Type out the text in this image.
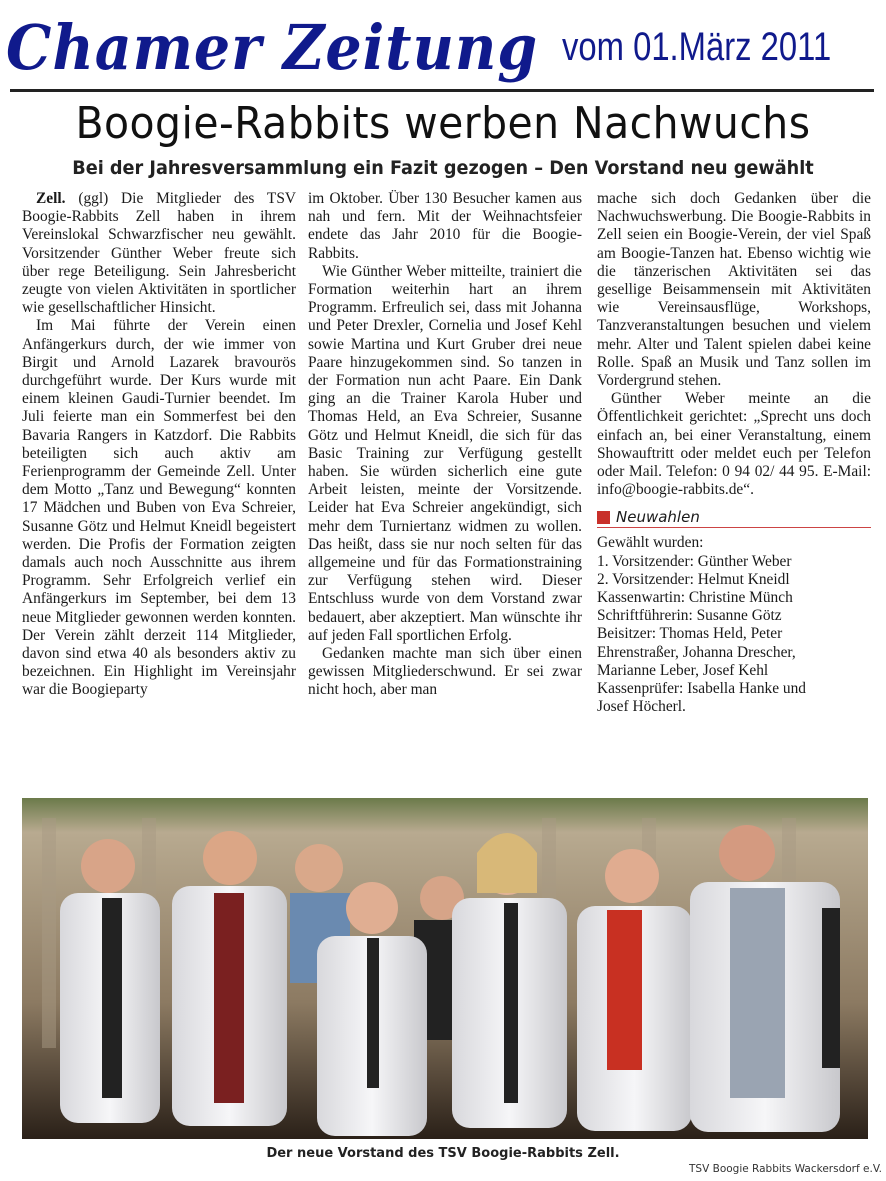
Chamer Zeitung vom 01.März 2011
Boogie-Rabbits werben Nachwuchs
Bei der Jahresversammlung ein Fazit gezogen – Den Vorstand neu gewählt

Zell. (ggl) Die Mitglieder des TSV Boogie-Rabbits Zell haben in ihrem Vereinslokal Schwarzfischer neu gewählt. Vorsitzender Günther Weber freute sich über rege Beteiligung. Sein Jahresbericht zeugte von vielen Aktivitäten in sportlicher wie gesellschaftlicher Hinsicht.

Im Mai führte der Verein einen Anfängerkurs durch, der wie immer von Birgit und Arnold Lazarek bravourös durchgeführt wurde. Der Kurs wurde mit einem kleinen Gaudi-Turnier beendet. Im Juli feierte man ein Sommerfest bei den Bavaria Rangers in Katzdorf. Die Rabbits beteiligten sich auch aktiv am Ferienprogramm der Gemeinde Zell. Unter dem Motto „Tanz und Bewegung“ konnten 17 Mädchen und Buben von Eva Schreier, Susanne Götz und Helmut Kneidl begeistert werden. Die Profis der Formation zeigten damals auch noch Ausschnitte aus ihrem Programm. Sehr Erfolgreich verlief ein Anfängerkurs im September, bei dem 13 neue Mitglieder gewonnen werden konnten. Der Verein zählt derzeit 114 Mitglieder, davon sind etwa 40 als besonders aktiv zu bezeichnen. Ein Highlight im Vereinsjahr war die Boogieparty

im Oktober. Über 130 Besucher kamen aus nah und fern. Mit der Weihnachtsfeier endete das Jahr 2010 für die Boogie-Rabbits.

Wie Günther Weber mitteilte, trainiert die Formation weiterhin hart an ihrem Programm. Erfreulich sei, dass mit Johanna und Peter Drexler, Cornelia und Josef Kehl sowie Martina und Kurt Gruber drei neue Paare hinzugekommen sind. So tanzen in der Formation nun acht Paare. Ein Dank ging an die Trainer Karola Huber und Thomas Held, an Eva Schreier, Susanne Götz und Helmut Kneidl, die sich für das Basic Training zur Verfügung gestellt haben. Sie würden sicherlich eine gute Arbeit leisten, meinte der Vorsitzende. Leider hat Eva Schreier angekündigt, sich mehr dem Turniertanz widmen zu wollen. Das heißt, dass sie nur noch selten für das allgemeine und für das Formationstraining zur Verfügung stehen wird. Dieser Entschluss wurde von dem Vorstand zwar bedauert, aber akzeptiert. Man wünschte ihr auf jeden Fall sportlichen Erfolg.

Gedanken machte man sich über einen gewissen Mitgliederschwund. Er sei zwar nicht hoch, aber man

mache sich doch Gedanken über die Nachwuchswerbung. Die Boogie-Rabbits in Zell seien ein Boogie-Verein, der viel Spaß am Boogie-Tanzen hat. Ebenso wichtig wie die tänzerischen Aktivitäten sei das gesellige Beisammensein mit Aktivitäten wie Vereinsausflüge, Workshops, Tanzveranstaltungen besuchen und vielem mehr. Alter und Talent spielen dabei keine Rolle. Spaß an Musik und Tanz sollen im Vordergrund stehen.

Günther Weber meinte an die Öffentlichkeit gerichtet: „Sprecht uns doch einfach an, bei einer Veranstaltung, einem Showauftritt oder meldet euch per Telefon oder Mail. Telefon: 0 94 02/ 44 95. E-Mail: info@boogie-rabbits.de“.

Neuwahlen
Gewählt wurden:
1. Vorsitzender: Günther Weber
2. Vorsitzender: Helmut Kneidl
Kassenwartin: Christine Münch
Schriftführerin: Susanne Götz
Beisitzer: Thomas Held, Peter
Ehrenstraßer, Johanna Drescher,
Marianne Leber, Josef Kehl
Kassenprüfer: Isabella Hanke und
Josef Höcherl.
Der neue Vorstand des TSV Boogie-Rabbits Zell.
TSV Boogie Rabbits Wackersdorf e.V.
